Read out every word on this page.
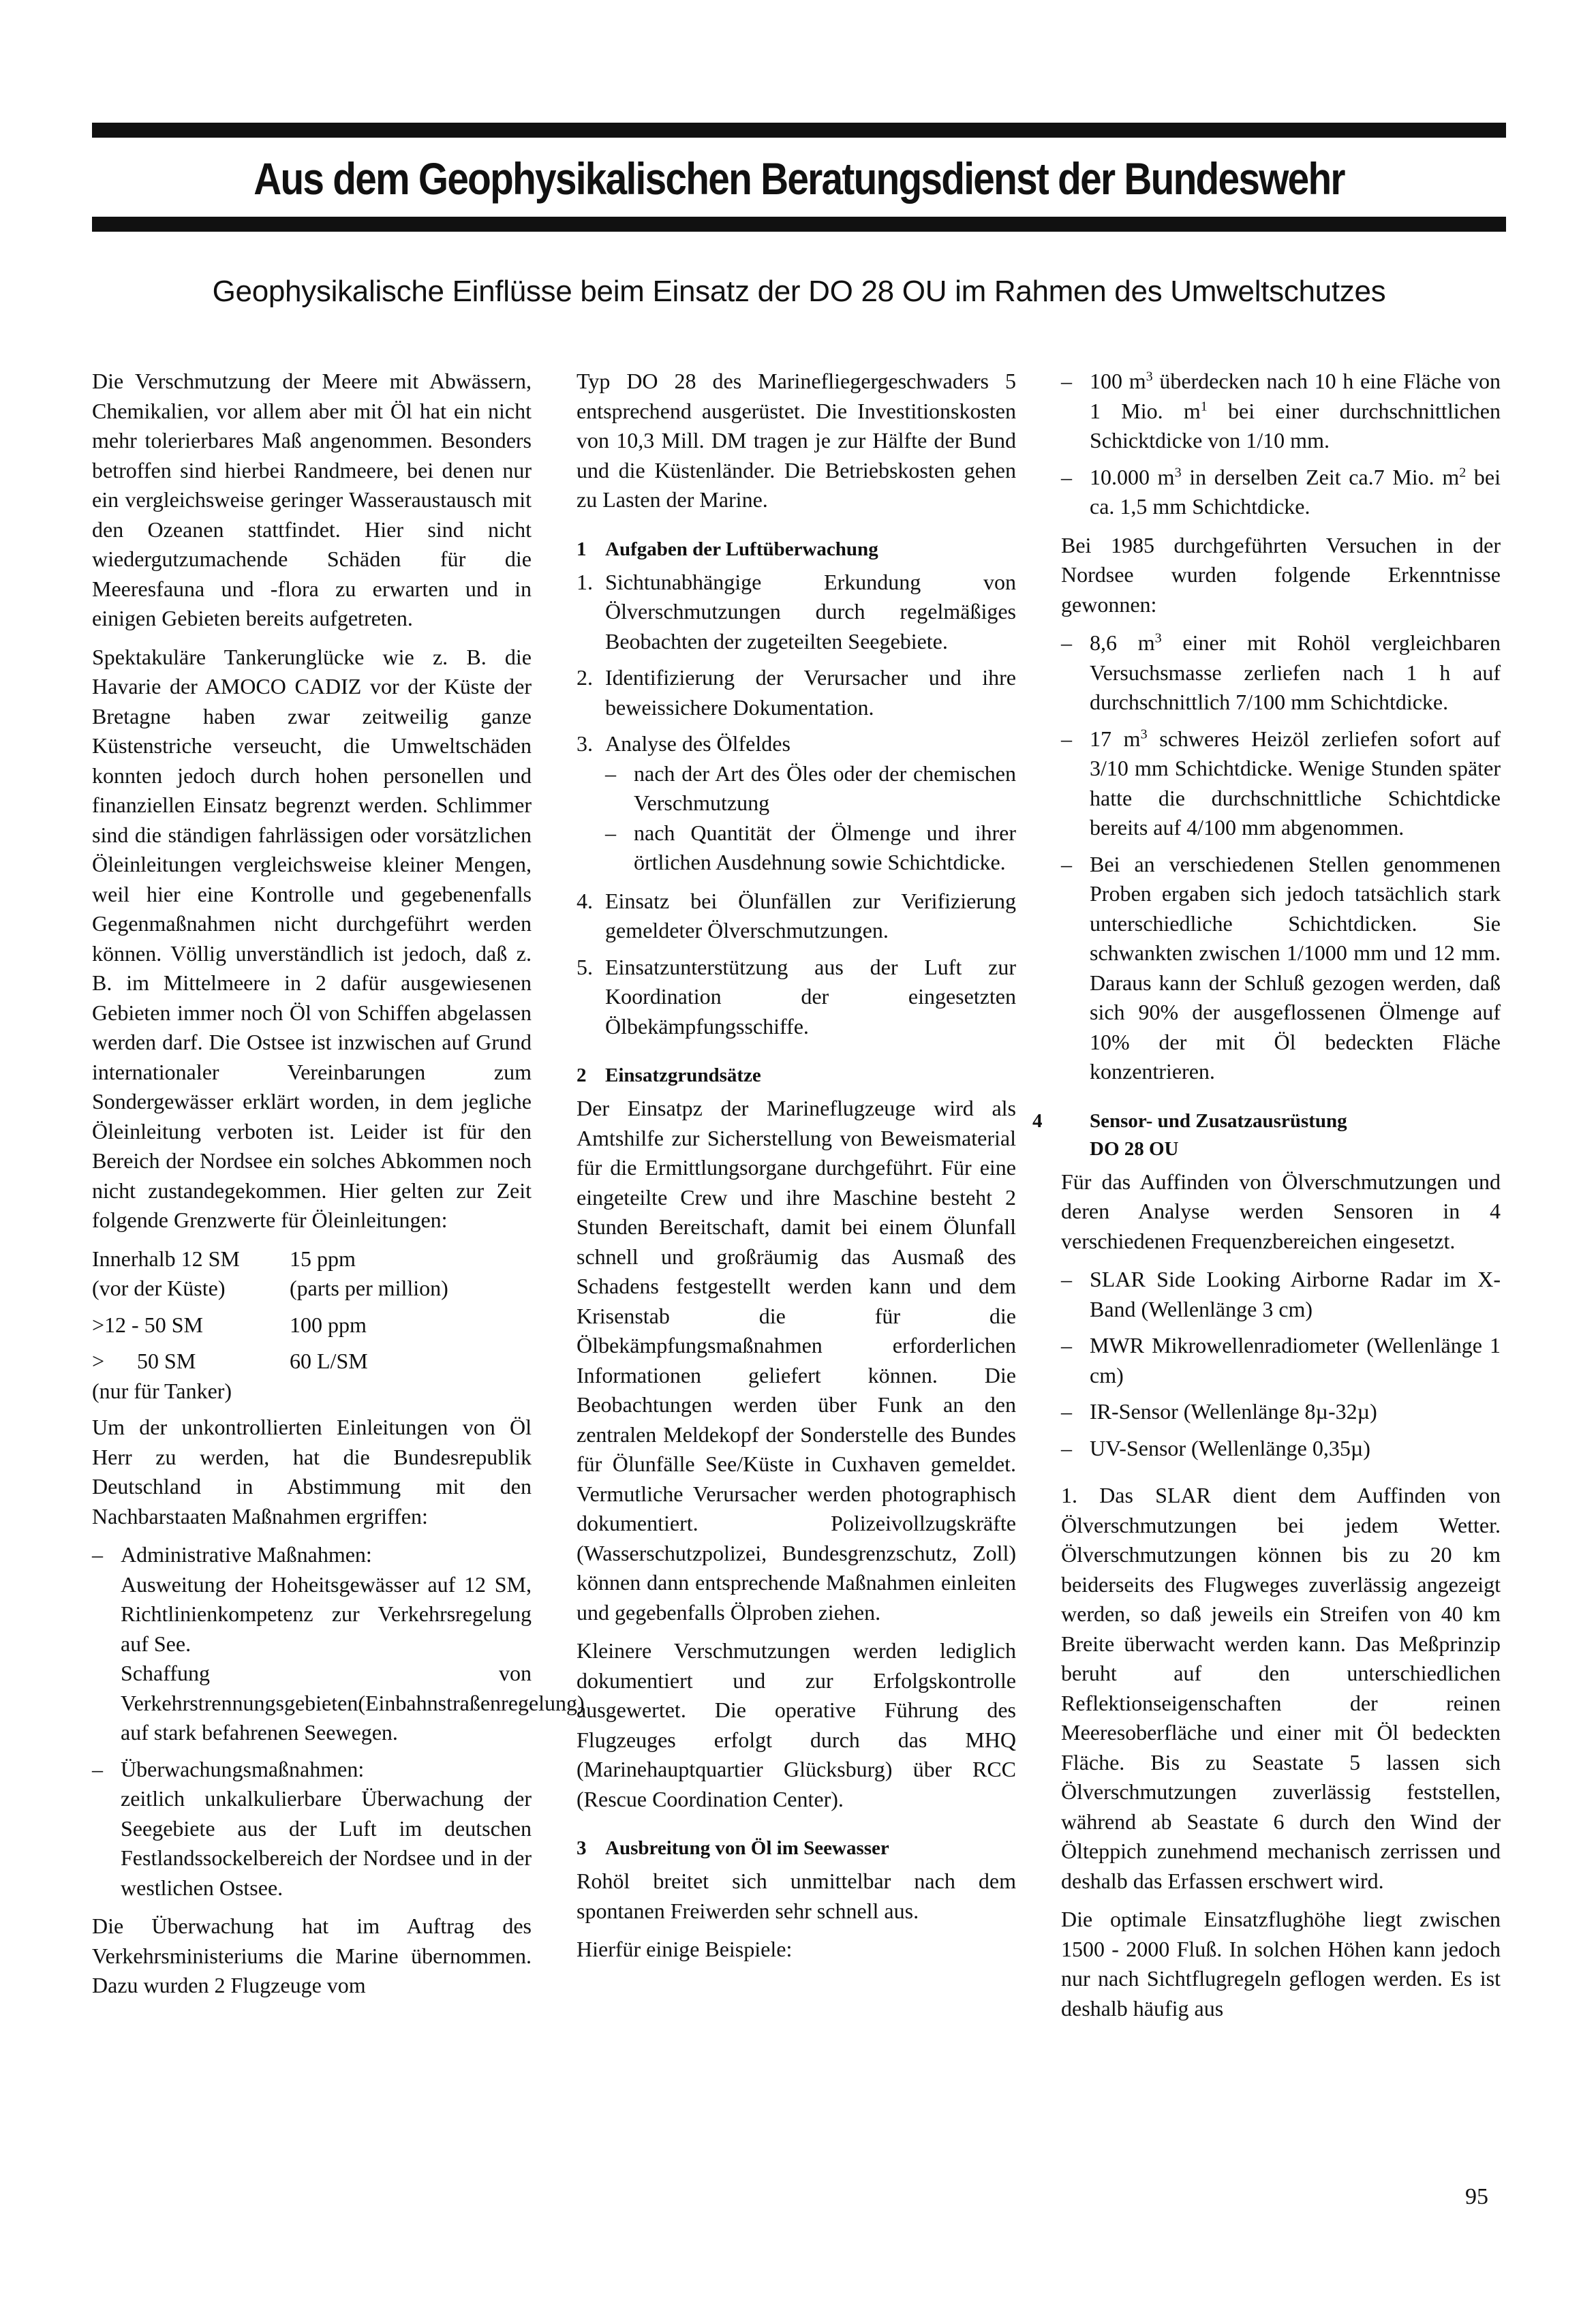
Aus dem Geophysikalischen Beratungsdienst der Bundeswehr
Geophysikalische Einflüsse beim Einsatz der DO 28 OU im Rahmen des Umweltschutzes

Die Verschmutzung der Meere mit Abwässern, Chemikalien, vor allem aber mit Öl hat ein nicht mehr tolerierbares Maß angenommen. Besonders betroffen sind hierbei Randmeere, bei denen nur ein vergleichsweise geringer Wasseraustausch mit den Ozeanen stattfindet. Hier sind nicht wiedergutzumachende Schäden für die Meeresfauna und -flora zu erwarten und in einigen Gebieten bereits aufgetreten.

Spektakuläre Tankerunglücke wie z. B. die Havarie der AMOCO CADIZ vor der Küste der Bretagne haben zwar zeitweilig ganze Küstenstriche verseucht, die Umweltschäden konnten jedoch durch hohen personellen und finanziellen Einsatz begrenzt werden. Schlimmer sind die ständigen fahrlässigen oder vorsätzlichen Öleinleitungen vergleichsweise kleiner Mengen, weil hier eine Kontrolle und gegebenenfalls Gegenmaßnahmen nicht durchgeführt werden können. Völlig unverständlich ist jedoch, daß z. B. im Mittelmeere in 2 dafür ausgewiesenen Gebieten immer noch Öl von Schiffen abgelassen werden darf. Die Ostsee ist inzwischen auf Grund internationaler Vereinbarungen zum Sondergewässer erklärt worden, in dem jegliche Öleinleitung verboten ist. Leider ist für den Bereich der Nordsee ein solches Abkommen noch nicht zustandegekommen. Hier gelten zur Zeit folgende Grenzwerte für Öleinleitungen:

Innerhalb 12 SM	15 ppm
(vor der Küste)	(parts per million)
>12 - 50 SM	100 ppm
>      50 SM	60 L/SM
(nur für Tanker)

Um der unkontrollierten Einleitungen von Öl Herr zu werden, hat die Bundesrepublik Deutschland in Abstimmung mit den Nachbarstaaten Maßnahmen ergriffen:

– Administrative Maßnahmen:
Ausweitung der Hoheitsgewässer auf 12 SM, Richtlinienkompetenz zur Verkehrsregelung auf See.
Schaffung von Verkehrstrennungsgebieten(Einbahnstraßenregelung) auf stark befahrenen Seewegen.
– Überwachungsmaßnahmen:
zeitlich unkalkulierbare Überwachung der Seegebiete aus der Luft im deutschen Festlandssockelbereich der Nordsee und in der westlichen Ostsee.

Die Überwachung hat im Auftrag des Verkehrsministeriums die Marine übernommen. Dazu wurden 2 Flugzeuge vom

Typ DO 28 des Marinefliegergeschwaders 5 entsprechend ausgerüstet. Die Investitionskosten von 10,3 Mill. DM tragen je zur Hälfte der Bund und die Küstenländer. Die Betriebskosten gehen zu Lasten der Marine.

1 Aufgaben der Luftüberwachung
1. Sichtunabhängige Erkundung von Ölverschmutzungen durch regelmäßiges Beobachten der zugeteilten Seegebiete.
2. Identifizierung der Verursacher und ihre beweissichere Dokumentation.
3. Analyse des Ölfeldes
– nach der Art des Öles oder der chemischen Verschmutzung
– nach Quantität der Ölmenge und ihrer örtlichen Ausdehnung sowie Schichtdicke.
4. Einsatz bei Ölunfällen zur Verifizierung gemeldeter Ölverschmutzungen.
5. Einsatzunterstützung aus der Luft zur Koordination der eingesetzten Ölbekämpfungsschiffe.
2 Einsatzgrundsätze

Der Einsatpz der Marineflugzeuge wird als Amtshilfe zur Sicherstellung von Beweismaterial für die Ermittlungsorgane durchgeführt. Für eine eingeteilte Crew und ihre Maschine besteht 2 Stunden Bereitschaft, damit bei einem Ölunfall schnell und großräumig das Ausmaß des Schadens festgestellt werden kann und dem Krisenstab die für die Ölbekämpfungsmaßnahmen erforderlichen Informationen geliefert können. Die Beobachtungen werden über Funk an den zentralen Meldekopf der Sonderstelle des Bundes für Ölunfälle See/Küste in Cuxhaven gemeldet. Vermutliche Verursacher werden photographisch dokumentiert. Polizeivollzugskräfte (Wasserschutzpolizei, Bundesgrenzschutz, Zoll) können dann entsprechende Maßnahmen einleiten und gegebenfalls Ölproben ziehen.

Kleinere Verschmutzungen werden lediglich dokumentiert und zur Erfolgskontrolle ausgewertet. Die operative Führung des Flugzeuges erfolgt durch das MHQ (Marinehauptquartier Glücksburg) über RCC (Rescue Coordination Center).

3 Ausbreitung von Öl im Seewasser

Rohöl breitet sich unmittelbar nach dem spontanen Freiwerden sehr schnell aus.

Hierfür einige Beispiele:

– 100 $m^3$ überdecken nach 10 h eine Fläche von 1 Mio. $m^1$ bei einer durchschnittlichen Schicktdicke von 1/10 mm.
– 10.000 $m^3$ in derselben Zeit ca.7 Mio. $m^2$ bei ca. 1,5 mm Schichtdicke.

Bei 1985 durchgeführten Versuchen in der Nordsee wurden folgende Erkenntnisse gewonnen:

– 8,6 $m^3$ einer mit Rohöl vergleichbaren Versuchsmasse zerliefen nach 1 h auf durchschnittlich 7/100 mm Schichtdicke.
– 17 $m^3$ schweres Heizöl zerliefen sofort auf 3/10 mm Schichtdicke. Wenige Stunden später hatte die durchschnittliche Schichtdicke bereits auf 4/100 mm abgenommen.
– Bei an verschiedenen Stellen genommenen Proben ergaben sich jedoch tatsächlich stark unterschiedliche Schichtdicken. Sie schwankten zwischen 1/1000 mm und 12 mm. Daraus kann der Schluß gezogen werden, daß sich 90% der ausgeflossenen Ölmenge auf 10% der mit Öl bedeckten Fläche konzentrieren.
4 Sensor- und Zusatzausrüstung
DO 28 OU

Für das Auffinden von Ölverschmutzungen und deren Analyse werden Sensoren in 4 verschiedenen Frequenzbereichen eingesetzt.

– SLAR Side Looking Airborne Radar im X-Band (Wellenlänge 3 cm)
– MWR Mikrowellenradiometer (Wellenlänge 1 cm)
– IR-Sensor (Wellenlänge 8µ-32µ)
– UV-Sensor (Wellenlänge 0,35µ)

1. Das SLAR dient dem Auffinden von Ölverschmutzungen bei jedem Wetter. Ölverschmutzungen können bis zu 20 km beiderseits des Flugweges zuverlässig angezeigt werden, so daß jeweils ein Streifen von 40 km Breite überwacht werden kann. Das Meßprinzip beruht auf den unterschiedlichen Reflektionseigenschaften der reinen Meeresoberfläche und einer mit Öl bedeckten Fläche. Bis zu Seastate 5 lassen sich Ölverschmutzungen zuverlässig feststellen, während ab Seastate 6 durch den Wind der Ölteppich zunehmend mechanisch zerrissen und deshalb das Erfassen erschwert wird.

Die optimale Einsatzflughöhe liegt zwischen 1500 - 2000 Fluß. In solchen Höhen kann jedoch nur nach Sichtflugregeln geflogen werden. Es ist deshalb häufig aus

95
